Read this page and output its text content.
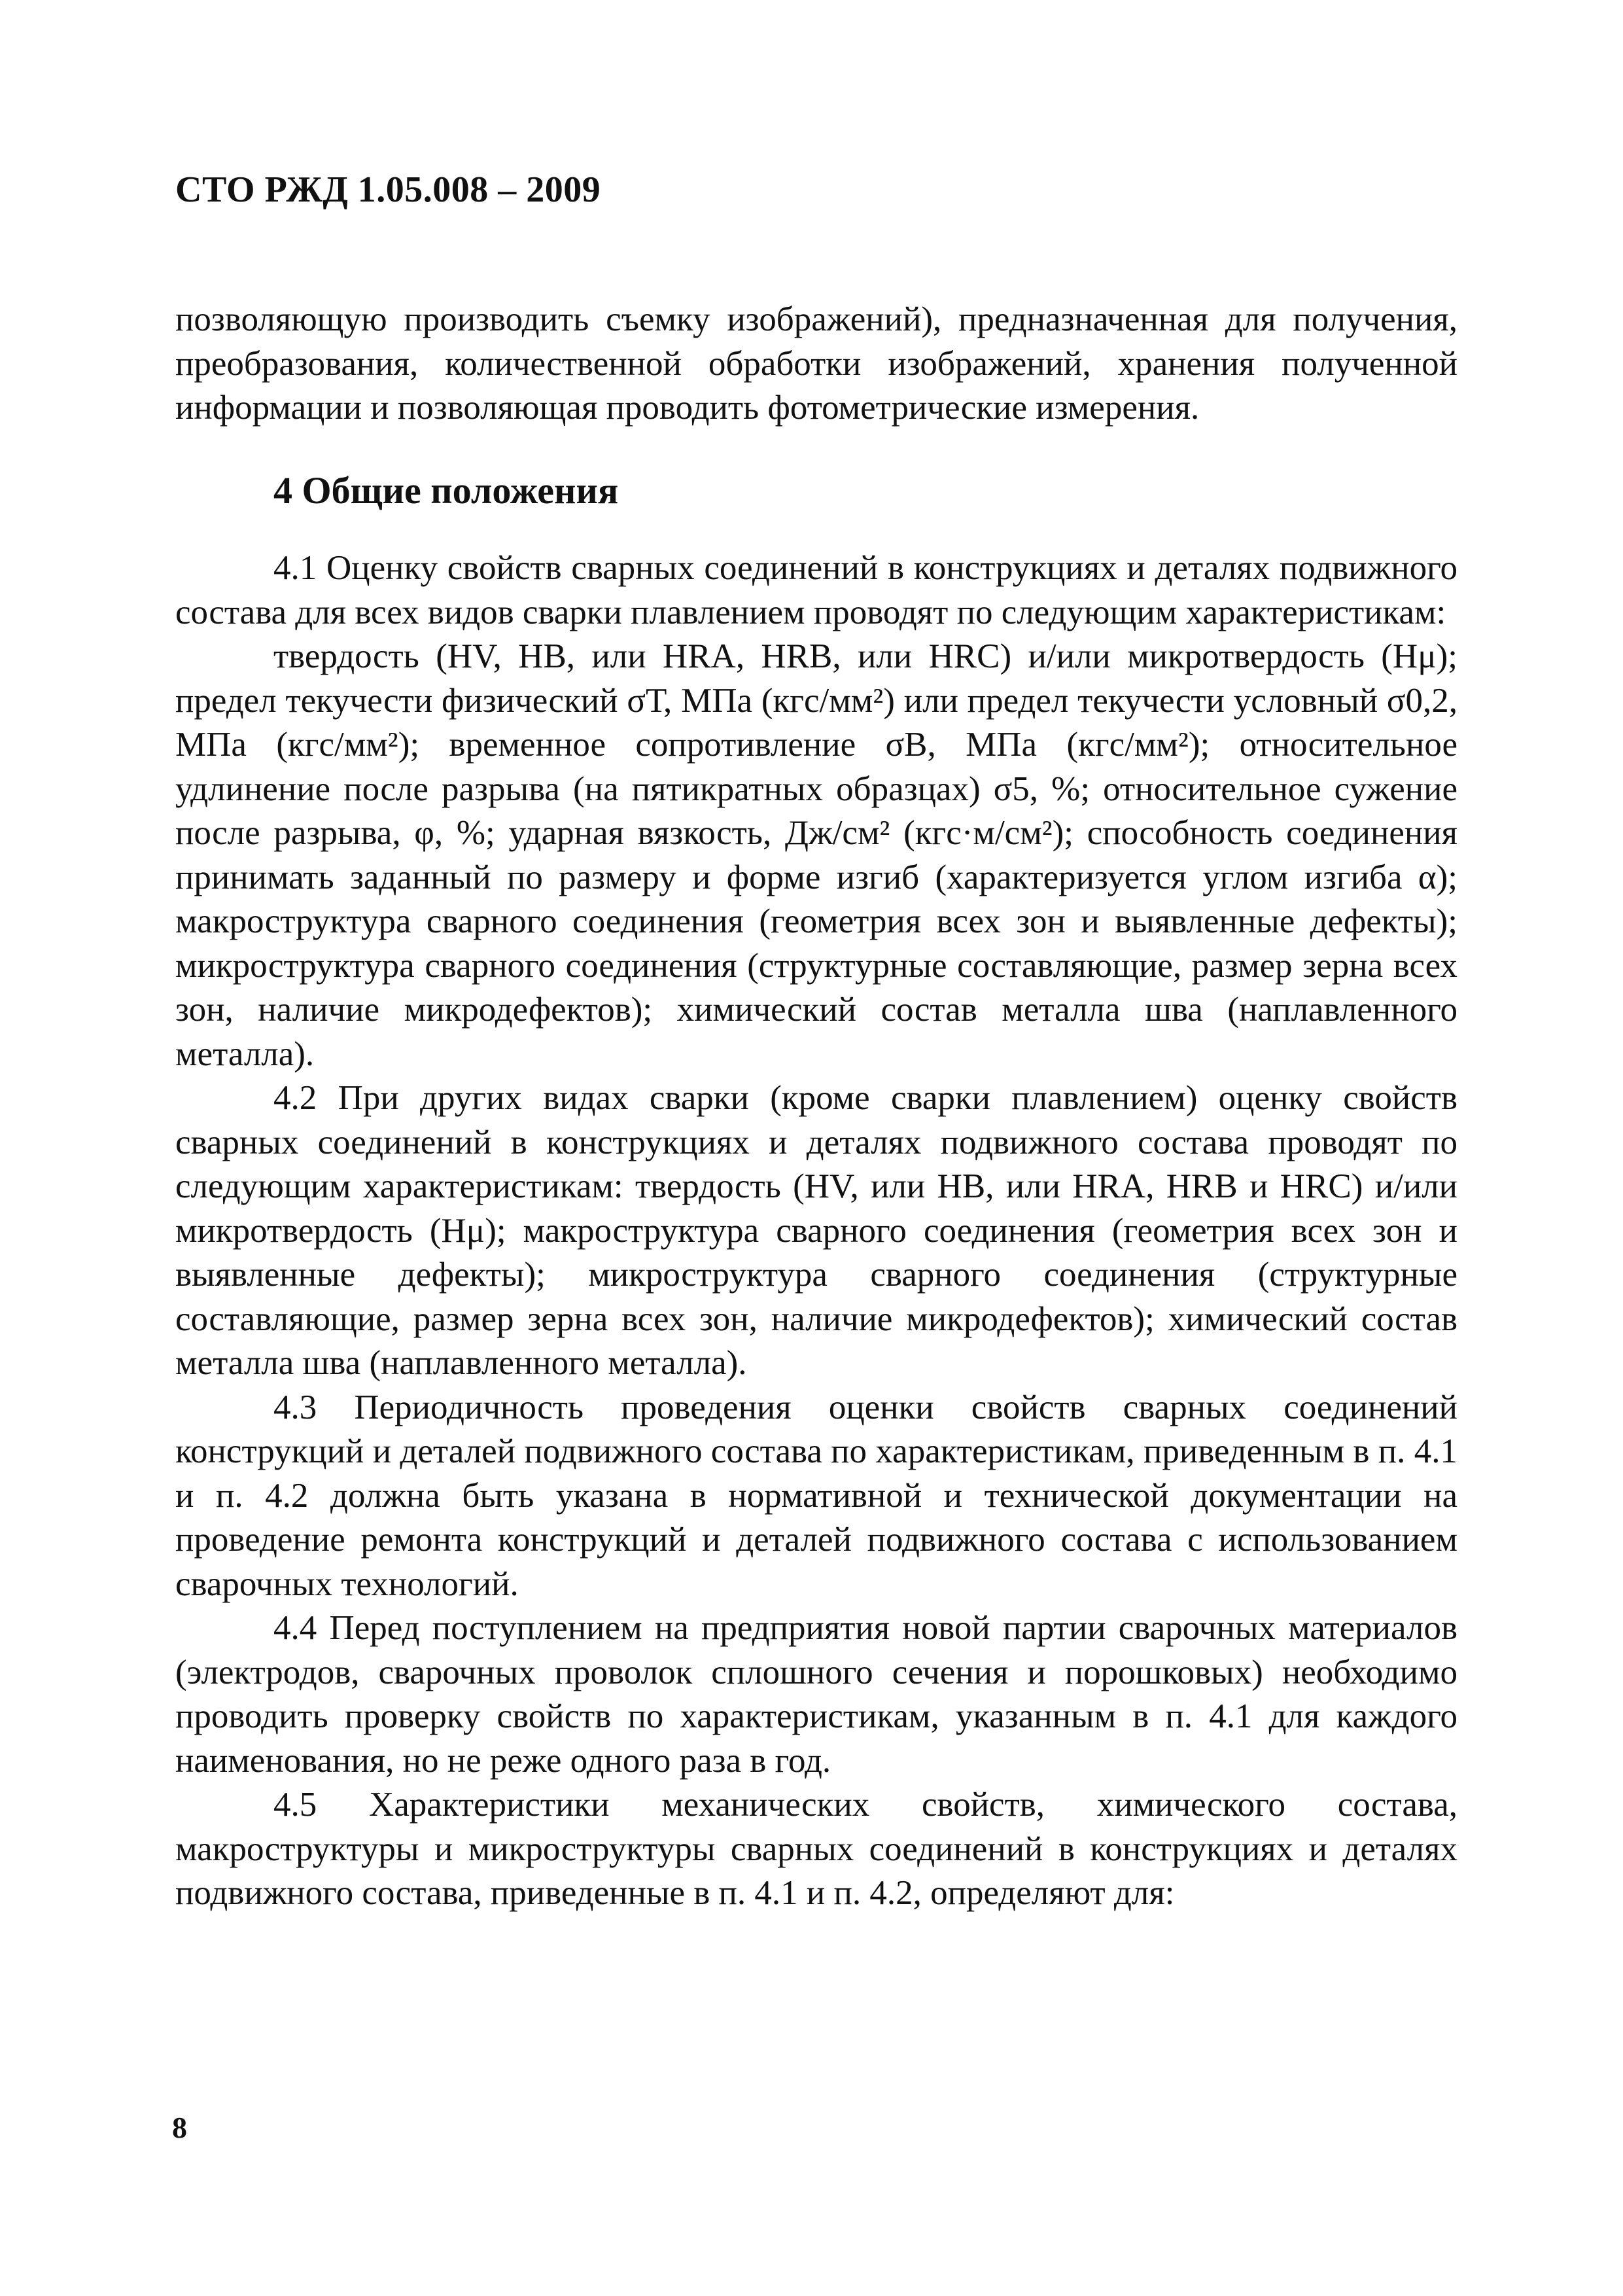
СТО РЖД 1.05.008 – 2009

позволяющую производить съемку изображений), предназначенная для получения, преобразования, количественной обработки изображений, хранения полученной информации и позволяющая проводить фотометрические измерения.

4 Общие положения

4.1 Оценку свойств сварных соединений в конструкциях и деталях подвижного состава для всех видов сварки плавлением проводят по следующим характеристикам:

твердость (HV, HB, или HRA, HRB, или HRC) и/или микротвердость (Hμ); предел текучести физический σТ, МПа (кгс/мм²) или предел текучести условный σ0,2, МПа (кгс/мм²); временное сопротивление σВ, МПа (кгс/мм²); относительное удлинение после разрыва (на пятикратных образцах) σ5, %; относительное сужение после разрыва, φ, %; ударная вязкость, Дж/см² (кгс·м/см²); способность соединения принимать заданный по размеру и форме изгиб (характеризуется углом изгиба α); макроструктура сварного соединения (геометрия всех зон и выявленные дефекты); микроструктура сварного соединения (структурные составляющие, размер зерна всех зон, наличие микродефектов); химический состав металла шва (наплавленного металла).

4.2 При других видах сварки (кроме сварки плавлением) оценку свойств сварных соединений в конструкциях и деталях подвижного состава проводят по следующим характеристикам: твердость (HV, или HB, или HRA, HRB и HRC) и/или микротвердость (Hμ); макроструктура сварного соединения (геометрия всех зон и выявленные дефекты); микроструктура сварного соединения (структурные составляющие, размер зерна всех зон, наличие микродефектов); химический состав металла шва (наплавленного металла).

4.3 Периодичность проведения оценки свойств сварных соединений конструкций и деталей подвижного состава по характеристикам, приведенным в п. 4.1 и п. 4.2 должна быть указана в нормативной и технической документации на проведение ремонта конструкций и деталей подвижного состава с использованием сварочных технологий.

4.4 Перед поступлением на предприятия новой партии сварочных материалов (электродов, сварочных проволок сплошного сечения и порошковых) необходимо проводить проверку свойств по характеристикам, указанным в п. 4.1 для каждого наименования, но не реже одного раза в год.

4.5 Характеристики механических свойств, химического состава, макроструктуры и микроструктуры сварных соединений в конструкциях и деталях подвижного состава, приведенные в п. 4.1 и п. 4.2, определяют для:

8
